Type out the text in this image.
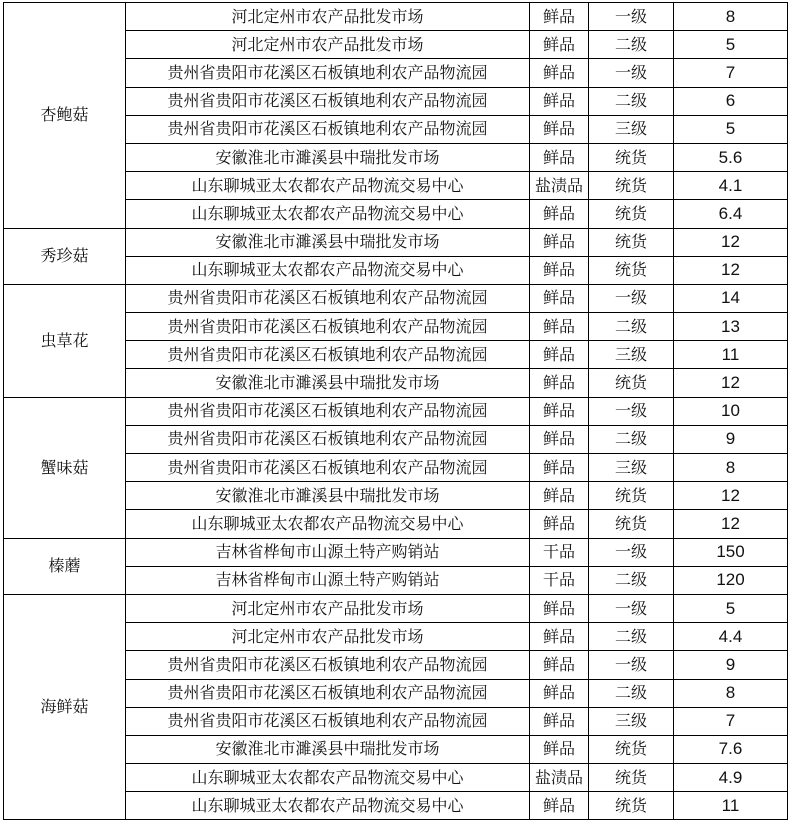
杏鲍菇	河北定州市农产品批发市场	鲜品	一级	8
	河北定州市农产品批发市场	鲜品	二级	5
	贵州省贵阳市花溪区石板镇地利农产品物流园	鲜品	一级	7
	贵州省贵阳市花溪区石板镇地利农产品物流园	鲜品	二级	6
	贵州省贵阳市花溪区石板镇地利农产品物流园	鲜品	三级	5
	安徽淮北市濉溪县中瑞批发市场	鲜品	统货	5.6
	山东聊城亚太农都农产品物流交易中心	盐渍品	统货	4.1
	山东聊城亚太农都农产品物流交易中心	鲜品	统货	6.4
秀珍菇	安徽淮北市濉溪县中瑞批发市场	鲜品	统货	12
	山东聊城亚太农都农产品物流交易中心	鲜品	统货	12
虫草花	贵州省贵阳市花溪区石板镇地利农产品物流园	鲜品	一级	14
	贵州省贵阳市花溪区石板镇地利农产品物流园	鲜品	二级	13
	贵州省贵阳市花溪区石板镇地利农产品物流园	鲜品	三级	11
	安徽淮北市濉溪县中瑞批发市场	鲜品	统货	12
蟹味菇	贵州省贵阳市花溪区石板镇地利农产品物流园	鲜品	一级	10
	贵州省贵阳市花溪区石板镇地利农产品物流园	鲜品	二级	9
	贵州省贵阳市花溪区石板镇地利农产品物流园	鲜品	三级	8
	安徽淮北市濉溪县中瑞批发市场	鲜品	统货	12
	山东聊城亚太农都农产品物流交易中心	鲜品	统货	12
榛蘑	吉林省桦甸市山源土特产购销站	干品	一级	150
	吉林省桦甸市山源土特产购销站	干品	二级	120
海鲜菇	河北定州市农产品批发市场	鲜品	一级	5
	河北定州市农产品批发市场	鲜品	二级	4.4
	贵州省贵阳市花溪区石板镇地利农产品物流园	鲜品	一级	9
	贵州省贵阳市花溪区石板镇地利农产品物流园	鲜品	二级	8
	贵州省贵阳市花溪区石板镇地利农产品物流园	鲜品	三级	7
	安徽淮北市濉溪县中瑞批发市场	鲜品	统货	7.6
	山东聊城亚太农都农产品物流交易中心	盐渍品	统货	4.9
	山东聊城亚太农都农产品物流交易中心	鲜品	统货	11
